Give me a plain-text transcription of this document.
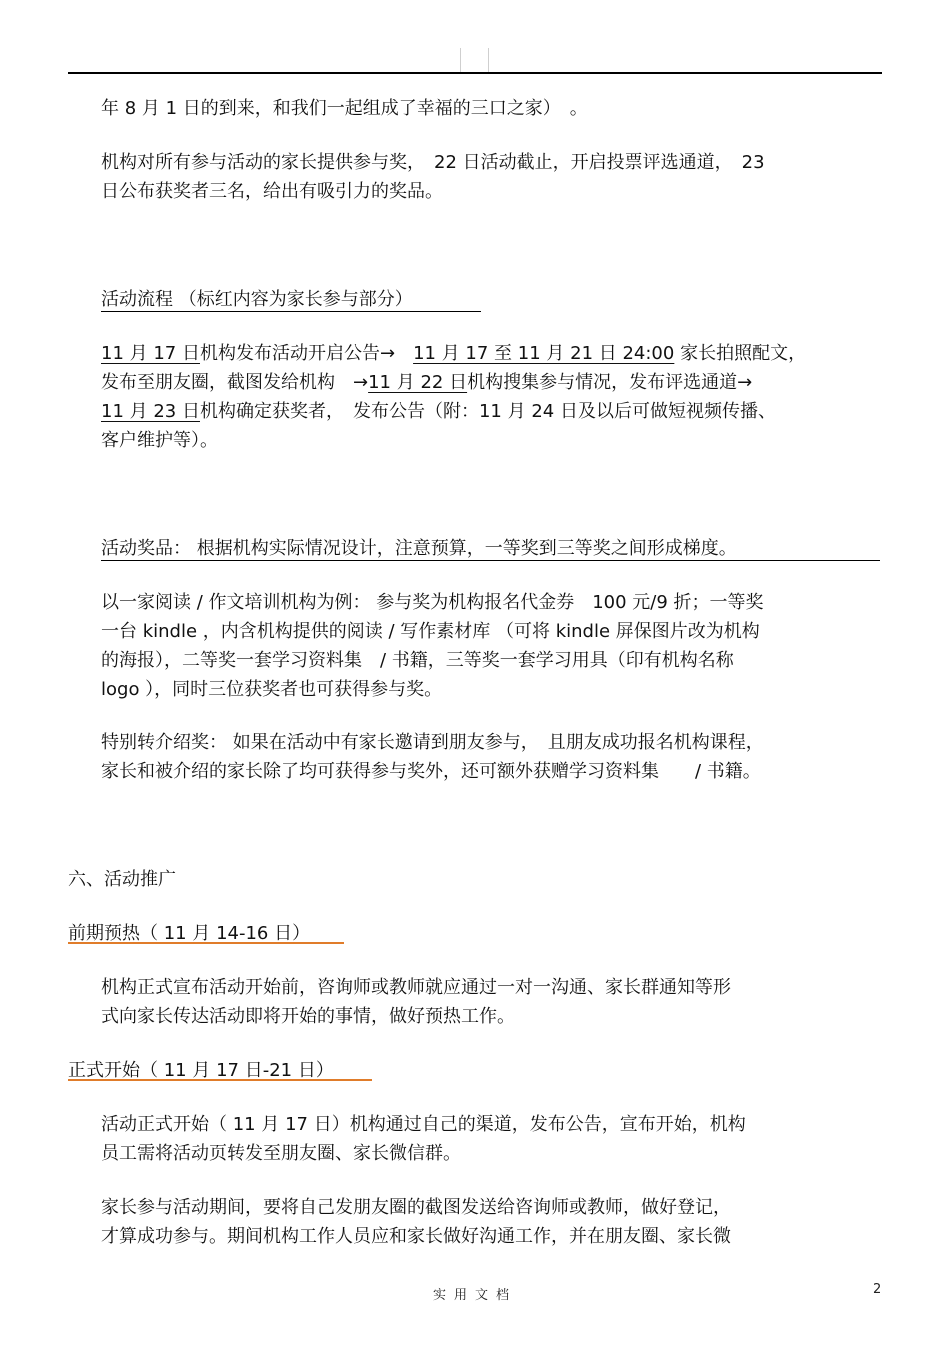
年 8 月 1 日的到来，和我们一起组成了幸福的三口之家）　。
机构对所有参与活动的家长提供参与奖，　22 日活动截止，开启投票评选通道，　23
日公布获奖者三名，给出有吸引力的奖品。
活动流程 （标红内容为家长参与部分）
11 月 17 日机构发布活动开启公告→　11 月 17 至 11 月 21 日 24:00 家长拍照配文，
发布至朋友圈，截图发给机构　→11 月 22 日机构搜集参与情况，发布评选通道→
11 月 23 日机构确定获奖者，　发布公告（附：11 月 24 日及以后可做短视频传播、
客户维护等）。
活动奖品： 根据机构实际情况设计，注意预算，一等奖到三等奖之间形成梯度。
以一家阅读 / 作文培训机构为例： 参与奖为机构报名代金券　100 元/9 折；一等奖
一台 kindle ，内含机构提供的阅读 / 写作素材库 （可将 kindle 屏保图片改为机构
的海报），二等奖一套学习资料集　/ 书籍，三等奖一套学习用具（印有机构名称
logo ），同时三位获奖者也可获得参与奖。
特别转介绍奖： 如果在活动中有家长邀请到朋友参与，　且朋友成功报名机构课程，
家长和被介绍的家长除了均可获得参与奖外，还可额外获赠学习资料集　　/ 书籍。
六、活动推广
前期预热（ 11 月 14-16 日）
机构正式宣布活动开始前，咨询师或教师就应通过一对一沟通、家长群通知等形
式向家长传达活动即将开始的事情，做好预热工作。
正式开始（ 11 月 17 日-21 日）
活动正式开始（ 11 月 17 日）机构通过自己的渠道，发布公告，宣布开始，机构
员工需将活动页转发至朋友圈、家长微信群。
家长参与活动期间，要将自己发朋友圈的截图发送给咨询师或教师，做好登记，
才算成功参与。期间机构工作人员应和家长做好沟通工作，并在朋友圈、家长微
实用文档	2
